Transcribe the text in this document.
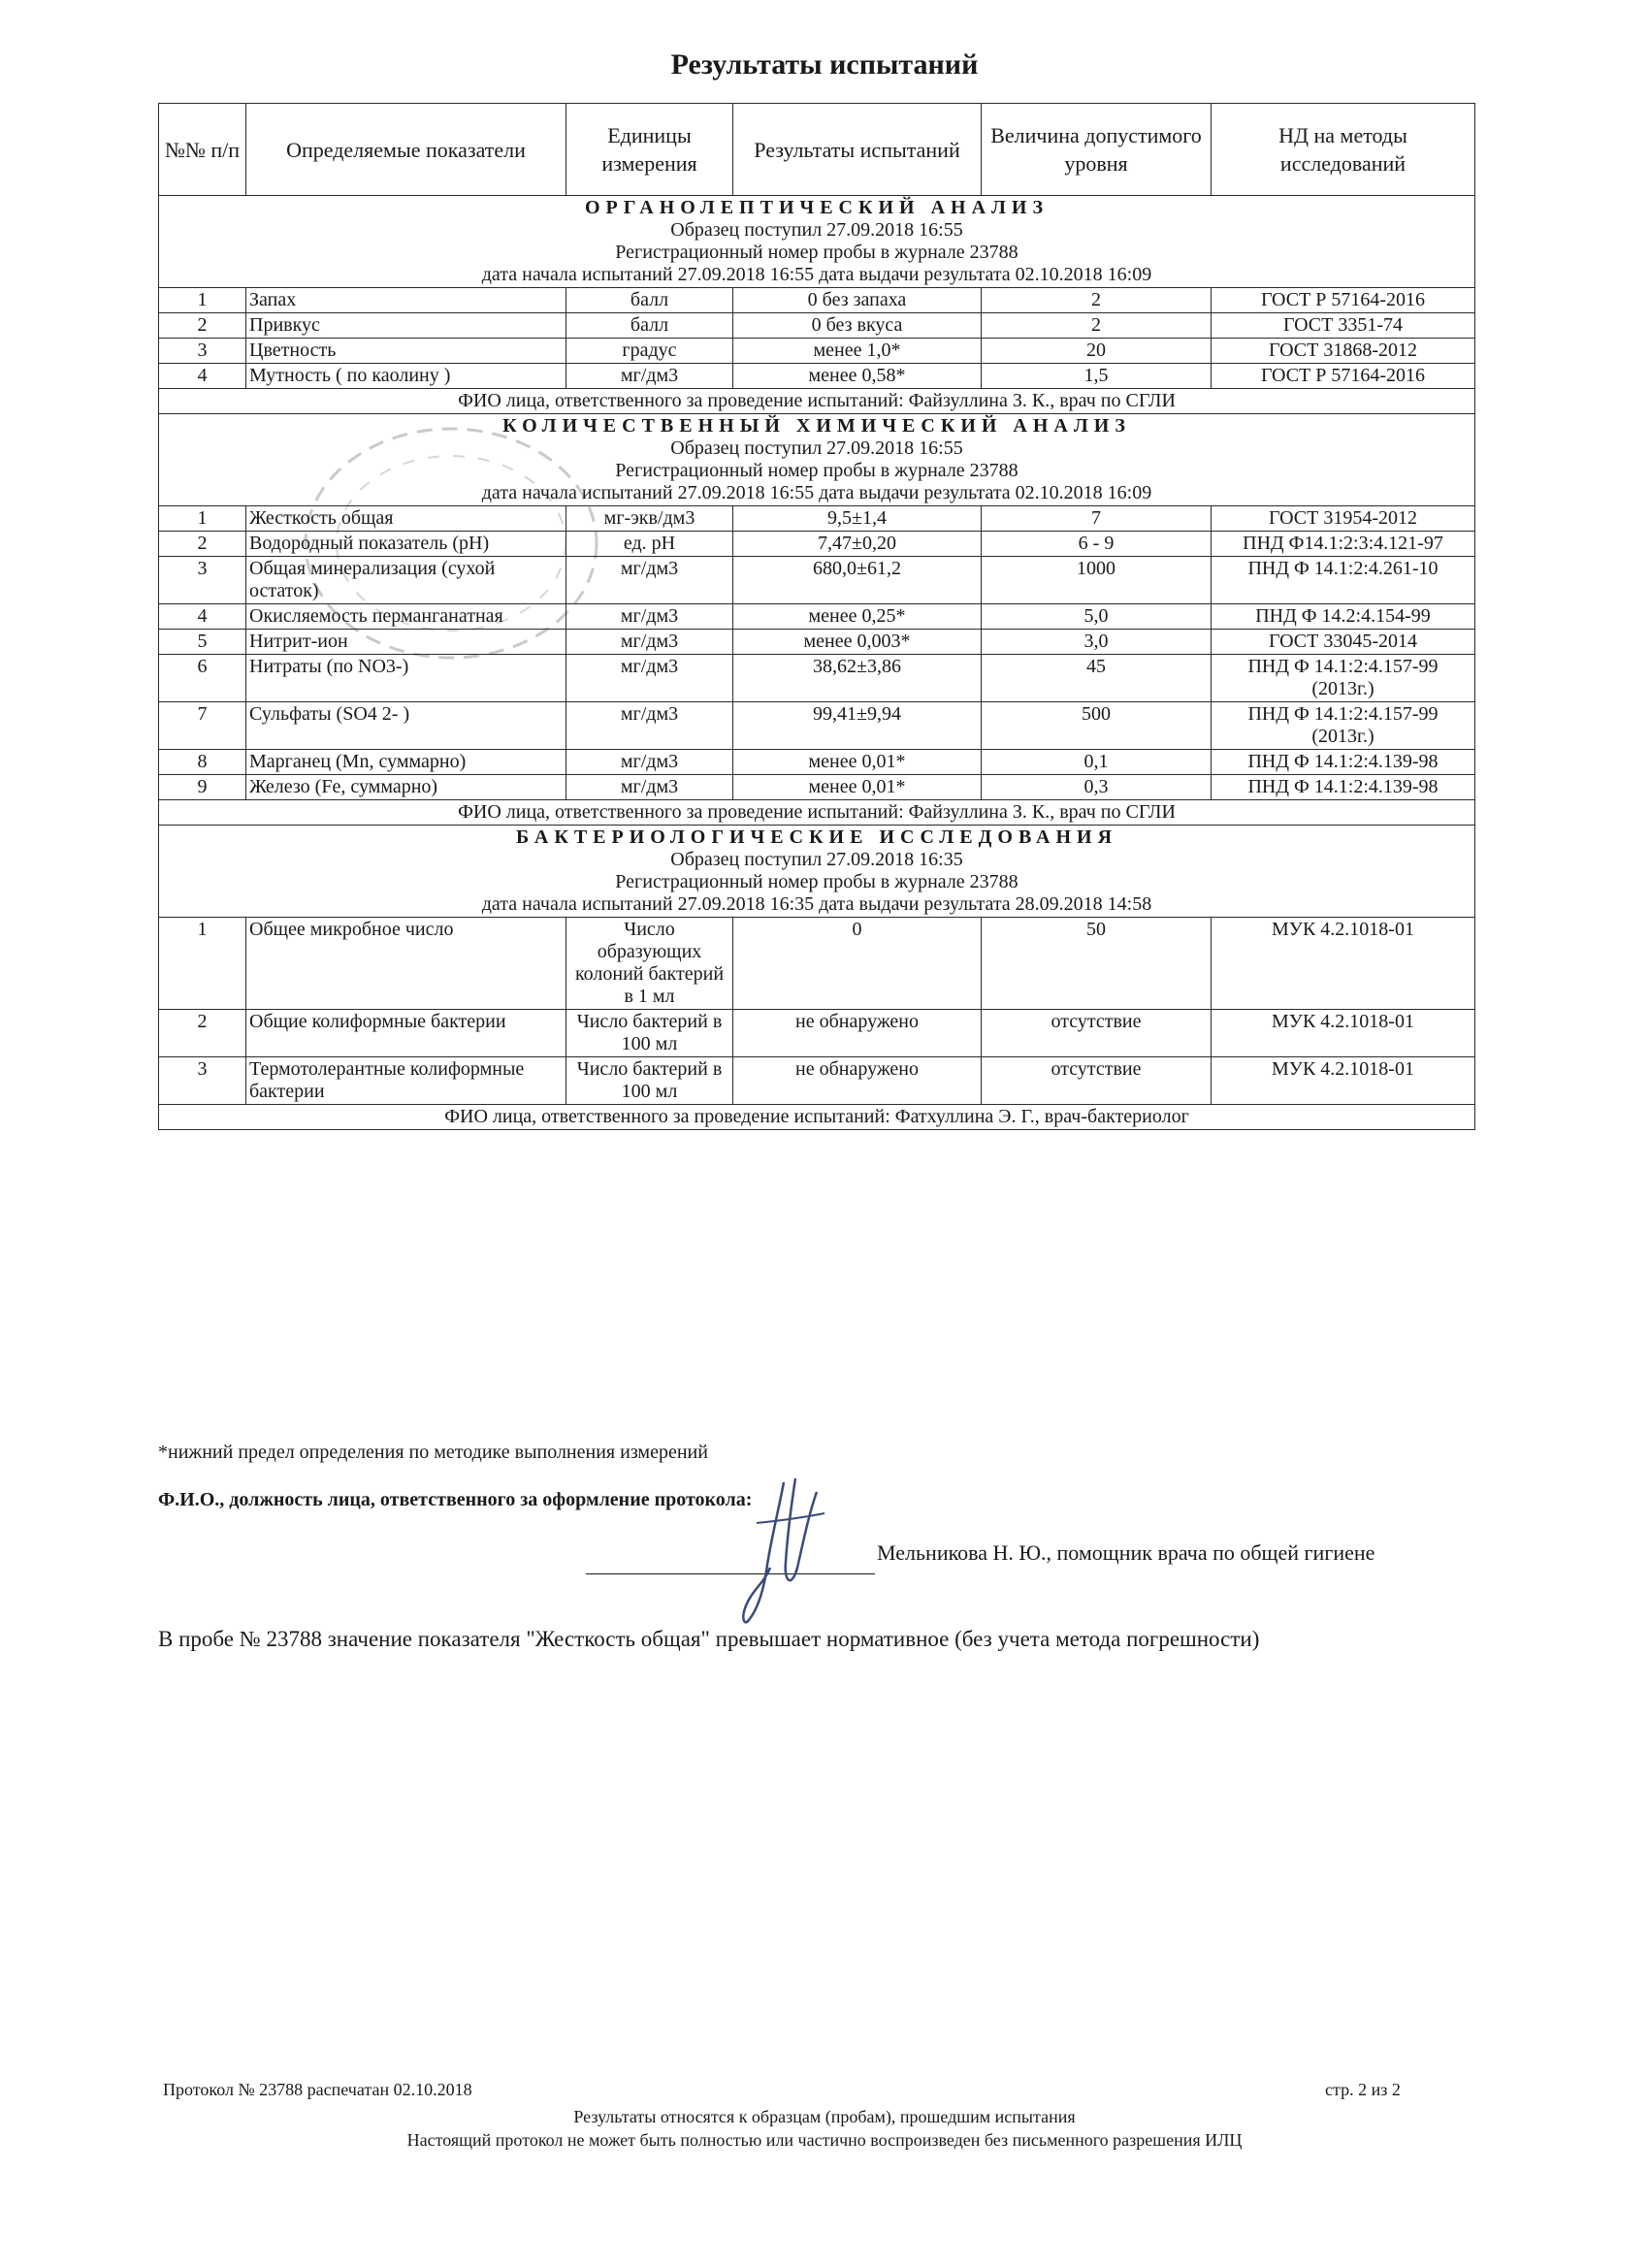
Результаты испытаний
№№ п/п	Определяемые показатели	Единицы измерения	Результаты испытаний	Величина допустимого уровня	НД на методы исследований

ОРГАНОЛЕПТИЧЕСКИЙ АНАЛИЗ
Образец поступил 27.09.2018 16:55
Регистрационный номер пробы в журнале 23788
дата начала испытаний 27.09.2018 16:55 дата выдачи результата 02.10.2018 16:09					

1	Запах	балл	0 без запаха	2	ГОСТ Р 57164-2016
2	Привкус	балл	0 без вкуса	2	ГОСТ 3351-74
3	Цветность	градус	менее 1,0*	20	ГОСТ 31868-2012
4	Мутность ( по каолину )	мг/дм3	менее 0,58*	1,5	ГОСТ Р 57164-2016
ФИО лица, ответственного за проведение испытаний: Файзуллина З. К., врач по СГЛИ					

КОЛИЧЕСТВЕННЫЙ ХИМИЧЕСКИЙ АНАЛИЗ
Образец поступил 27.09.2018 16:55
Регистрационный номер пробы в журнале 23788
дата начала испытаний 27.09.2018 16:55 дата выдачи результата 02.10.2018 16:09					

1	Жесткость общая	мг-экв/дм3	9,5±1,4	7	ГОСТ 31954-2012
2	Водородный показатель (pH)	ед. pH	7,47±0,20	6 - 9	ПНД Ф14.1:2:3:4.121-97
3	Общая минерализация (сухой остаток)	мг/дм3	680,0±61,2	1000	ПНД Ф 14.1:2:4.261-10
4	Окисляемость перманганатная	мг/дм3	менее 0,25*	5,0	ПНД Ф 14.2:4.154-99
5	Нитрит-ион	мг/дм3	менее 0,003*	3,0	ГОСТ 33045-2014
6	Нитраты (по NO3-)	мг/дм3	38,62±3,86	45	ПНД Ф 14.1:2:4.157-99 (2013г.)
7	Сульфаты (SO4 2- )	мг/дм3	99,41±9,94	500	ПНД Ф 14.1:2:4.157-99 (2013г.)
8	Марганец (Mn, суммарно)	мг/дм3	менее 0,01*	0,1	ПНД Ф 14.1:2:4.139-98
9	Железо (Fe, суммарно)	мг/дм3	менее 0,01*	0,3	ПНД Ф 14.1:2:4.139-98
ФИО лица, ответственного за проведение испытаний: Файзуллина З. К., врач по СГЛИ					

БАКТЕРИОЛОГИЧЕСКИЕ ИССЛЕДОВАНИЯ
Образец поступил 27.09.2018 16:35
Регистрационный номер пробы в журнале 23788
дата начала испытаний 27.09.2018 16:35 дата выдачи результата 28.09.2018 14:58					

1	Общее микробное число	Число образующих колоний бактерий в 1 мл	0	50	МУК 4.2.1018-01
2	Общие колиформные бактерии	Число бактерий в 100 мл	не обнаружено	отсутствие	МУК 4.2.1018-01
3	Термотолерантные колиформные бактерии	Число бактерий в 100 мл	не обнаружено	отсутствие	МУК 4.2.1018-01
ФИО лица, ответственного за проведение испытаний: Фатхуллина Э. Г., врач-бактериолог					
*нижний предел определения по методике выполнения измерений
Ф.И.О., должность лица, ответственного за оформление протокола:
Мельникова Н. Ю., помощник врача по общей гигиене
В пробе № 23788 значение показателя "Жесткость общая" превышает нормативное (без учета метода погрешности)
Протокол № 23788 распечатан 02.10.2018	стр. 2 из 2
Результаты относятся к образцам (пробам), прошедшим испытания
Настоящий протокол не может быть полностью или частично воспроизведен без письменного разрешения ИЛЦ
